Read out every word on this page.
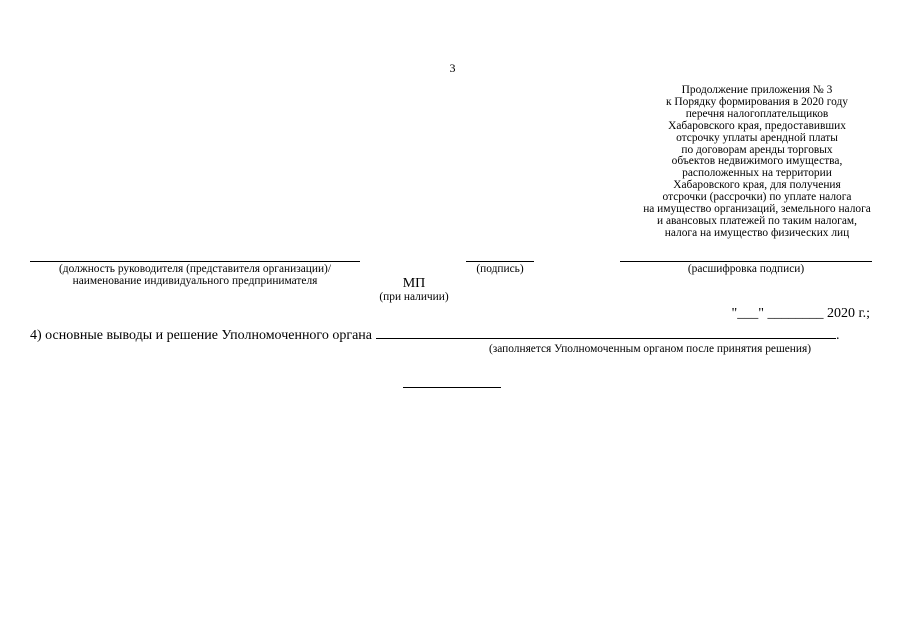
3
Продолжение приложения № 3
к Порядку формирования в 2020 году
перечня налогоплательщиков
Хабаровского края, предоставивших
отсрочку уплаты арендной платы
по договорам аренды торговых
объектов недвижимого имущества,
расположенных на территории
Хабаровского края, для получения
отсрочки (рассрочки) по уплате налога
на имущество организаций, земельного налога
и авансовых платежей по таким налогам,
налога на имущество физических лиц
(должность руководителя (представителя организации)/
наименование индивидуального предпринимателя
(подпись)	(расшифровка подписи)
МП
(при наличии)
"___" ________ 2020 г.;
4) основные выводы и решение Уполномоченного органа	.
(заполняется Уполномоченным органом после принятия решения)
